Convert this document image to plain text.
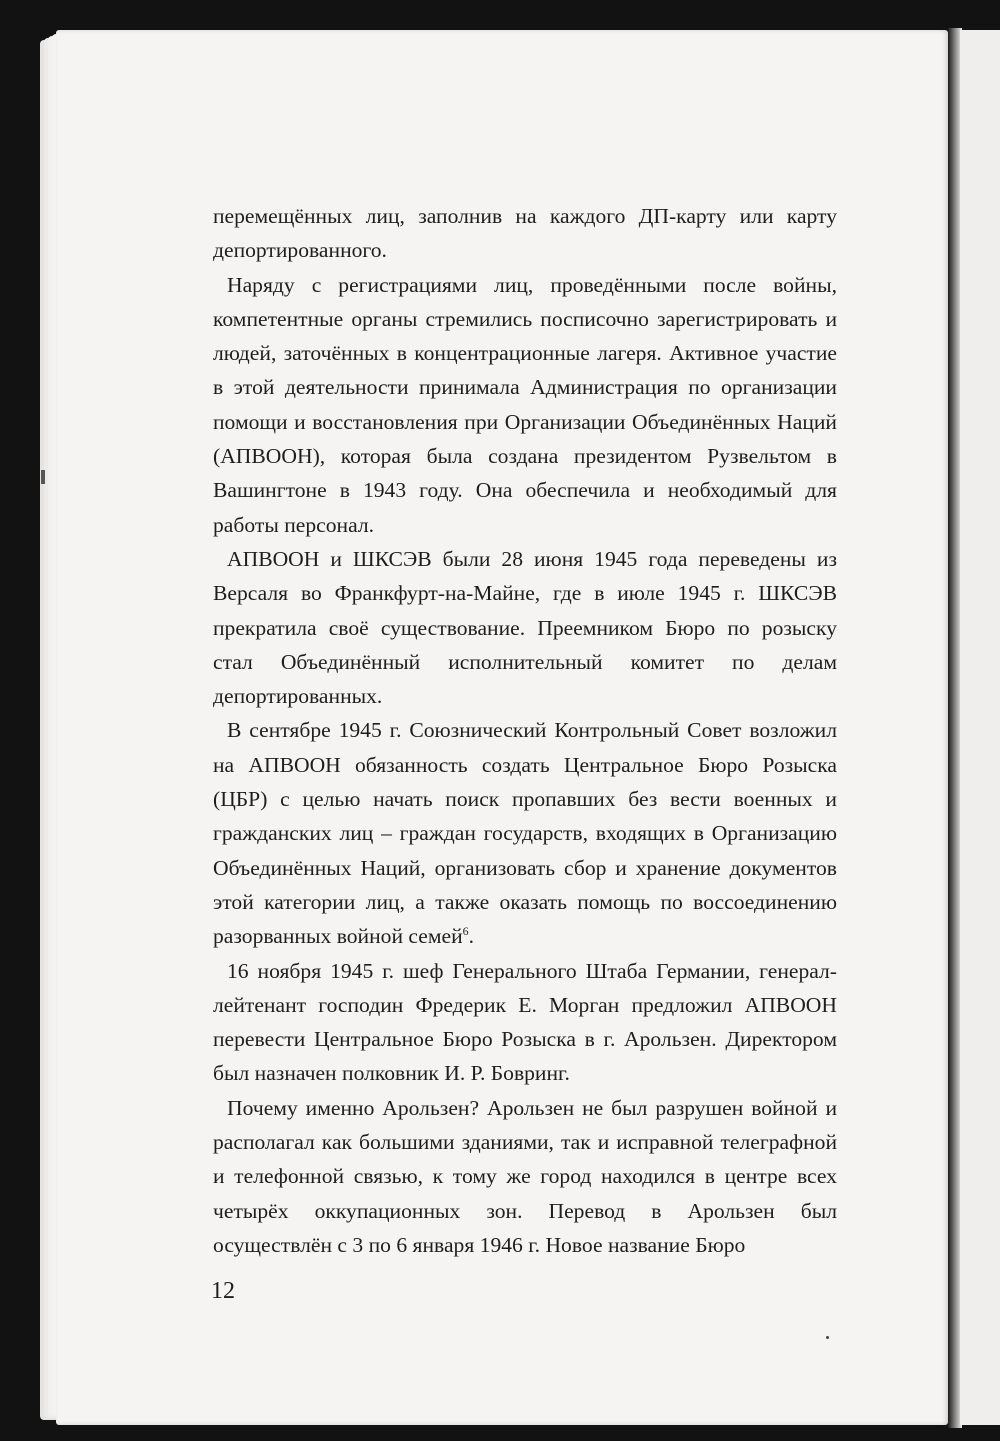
перемещённых лиц, заполнив на каждого ДП-карту или карту депортированного.

Наряду с регистрациями лиц, проведёнными после войны, компетентные органы стремились посписочно зарегистрировать и людей, заточённых в концентрационные лагеря. Активное участие в этой деятельности принимала Администрация по организации помощи и восстановления при Организации Объединённых Наций (АПВООН), которая была создана президентом Рузвельтом в Вашингтоне в 1943 году. Она обеспечила и необходимый для работы персонал.

АПВООН и ШКСЭВ были 28 июня 1945 года переведены из Версаля во Франкфурт-на-Майне, где в июле 1945 г. ШКСЭВ прекратила своё существование. Преемником Бюро по розыску стал Объединённый исполнительный комитет по делам депортированных.

В сентябре 1945 г. Союзнический Контрольный Совет возложил на АПВООН обязанность создать Центральное Бюро Розыска (ЦБР) с целью начать поиск пропавших без вести военных и гражданских лиц – граждан государств, входящих в Организацию Объединённых Наций, организовать сбор и хранение документов этой категории лиц, а также оказать помощь по воссоединению разорванных войной семей$^6$.

16 ноября 1945 г. шеф Генерального Штаба Германии, генерал-лейтенант господин Фредерик Е. Морган предложил АПВООН перевести Центральное Бюро Розыска в г. Арользен. Директором был назначен полковник И. Р. Бовринг.

Почему именно Арользен? Арользен не был разрушен войной и располагал как большими зданиями, так и исправной телеграфной и телефонной связью, к тому же город находился в центре всех четырёх оккупационных зон. Перевод в Арользен был осуществлён с 3 по 6 января 1946 г. Новое название Бюро

12
